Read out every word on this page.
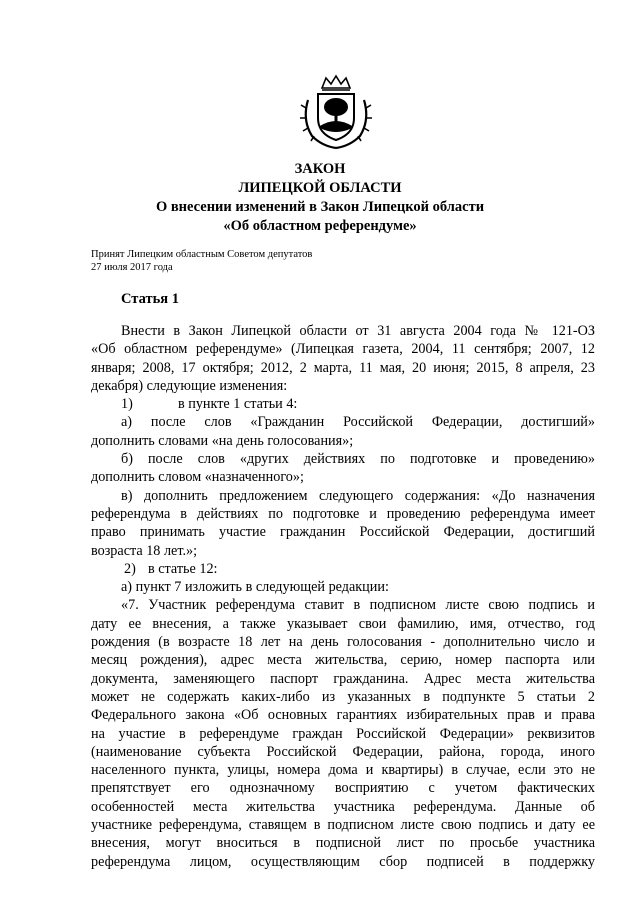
ЗАКОН
ЛИПЕЦКОЙ ОБЛАСТИ
О внесении изменений в Закон Липецкой области
«Об областном референдуме»
Принят Липецким областным Советом депутатов
27 июля 2017 года
Статья 1
Внести в Закон Липецкой области от 31 августа 2004 года № 121-ОЗ
«Об областном референдуме» (Липецкая газета, 2004, 11 сентября; 2007, 12
января; 2008, 17 октября; 2012, 2 марта, 11 мая, 20 июня; 2015, 8 апреля, 23
декабря) следующие изменения:
1)	в пункте 1 статьи 4:
а) после слов «Гражданин Российской Федерации, достигший»
дополнить словами «на день голосования»;
б) после слов «других действиях по подготовке и проведению»
дополнить словом «назначенного»;
в) дополнить предложением следующего содержания: «До назначения
референдума в действиях по подготовке и проведению референдума имеет
право принимать участие гражданин Российской Федерации, достигший
возраста 18 лет.»;
2) в статье 12:
а) пункт 7 изложить в следующей редакции:
«7. Участник референдума ставит в подписном листе свою подпись и
дату ее внесения, а также указывает свои фамилию, имя, отчество, год
рождения (в возрасте 18 лет на день голосования - дополнительно число и
месяц рождения), адрес места жительства, серию, номер паспорта или
документа, заменяющего паспорт гражданина. Адрес места жительства
может не содержать каких-либо из указанных в подпункте 5 статьи 2
Федерального закона «Об основных гарантиях избирательных прав и права
на участие в референдуме граждан Российской Федерации» реквизитов
(наименование субъекта Российской Федерации, района, города, иного
населенного пункта, улицы, номера дома и квартиры) в случае, если это не
препятствует его однозначному восприятию с учетом фактических
особенностей места жительства участника референдума. Данные об
участнике референдума, ставящем в подписном листе свою подпись и дату ее
внесения, могут вноситься в подписной лист по просьбе участника
референдума лицом, осуществляющим сбор подписей в поддержку
